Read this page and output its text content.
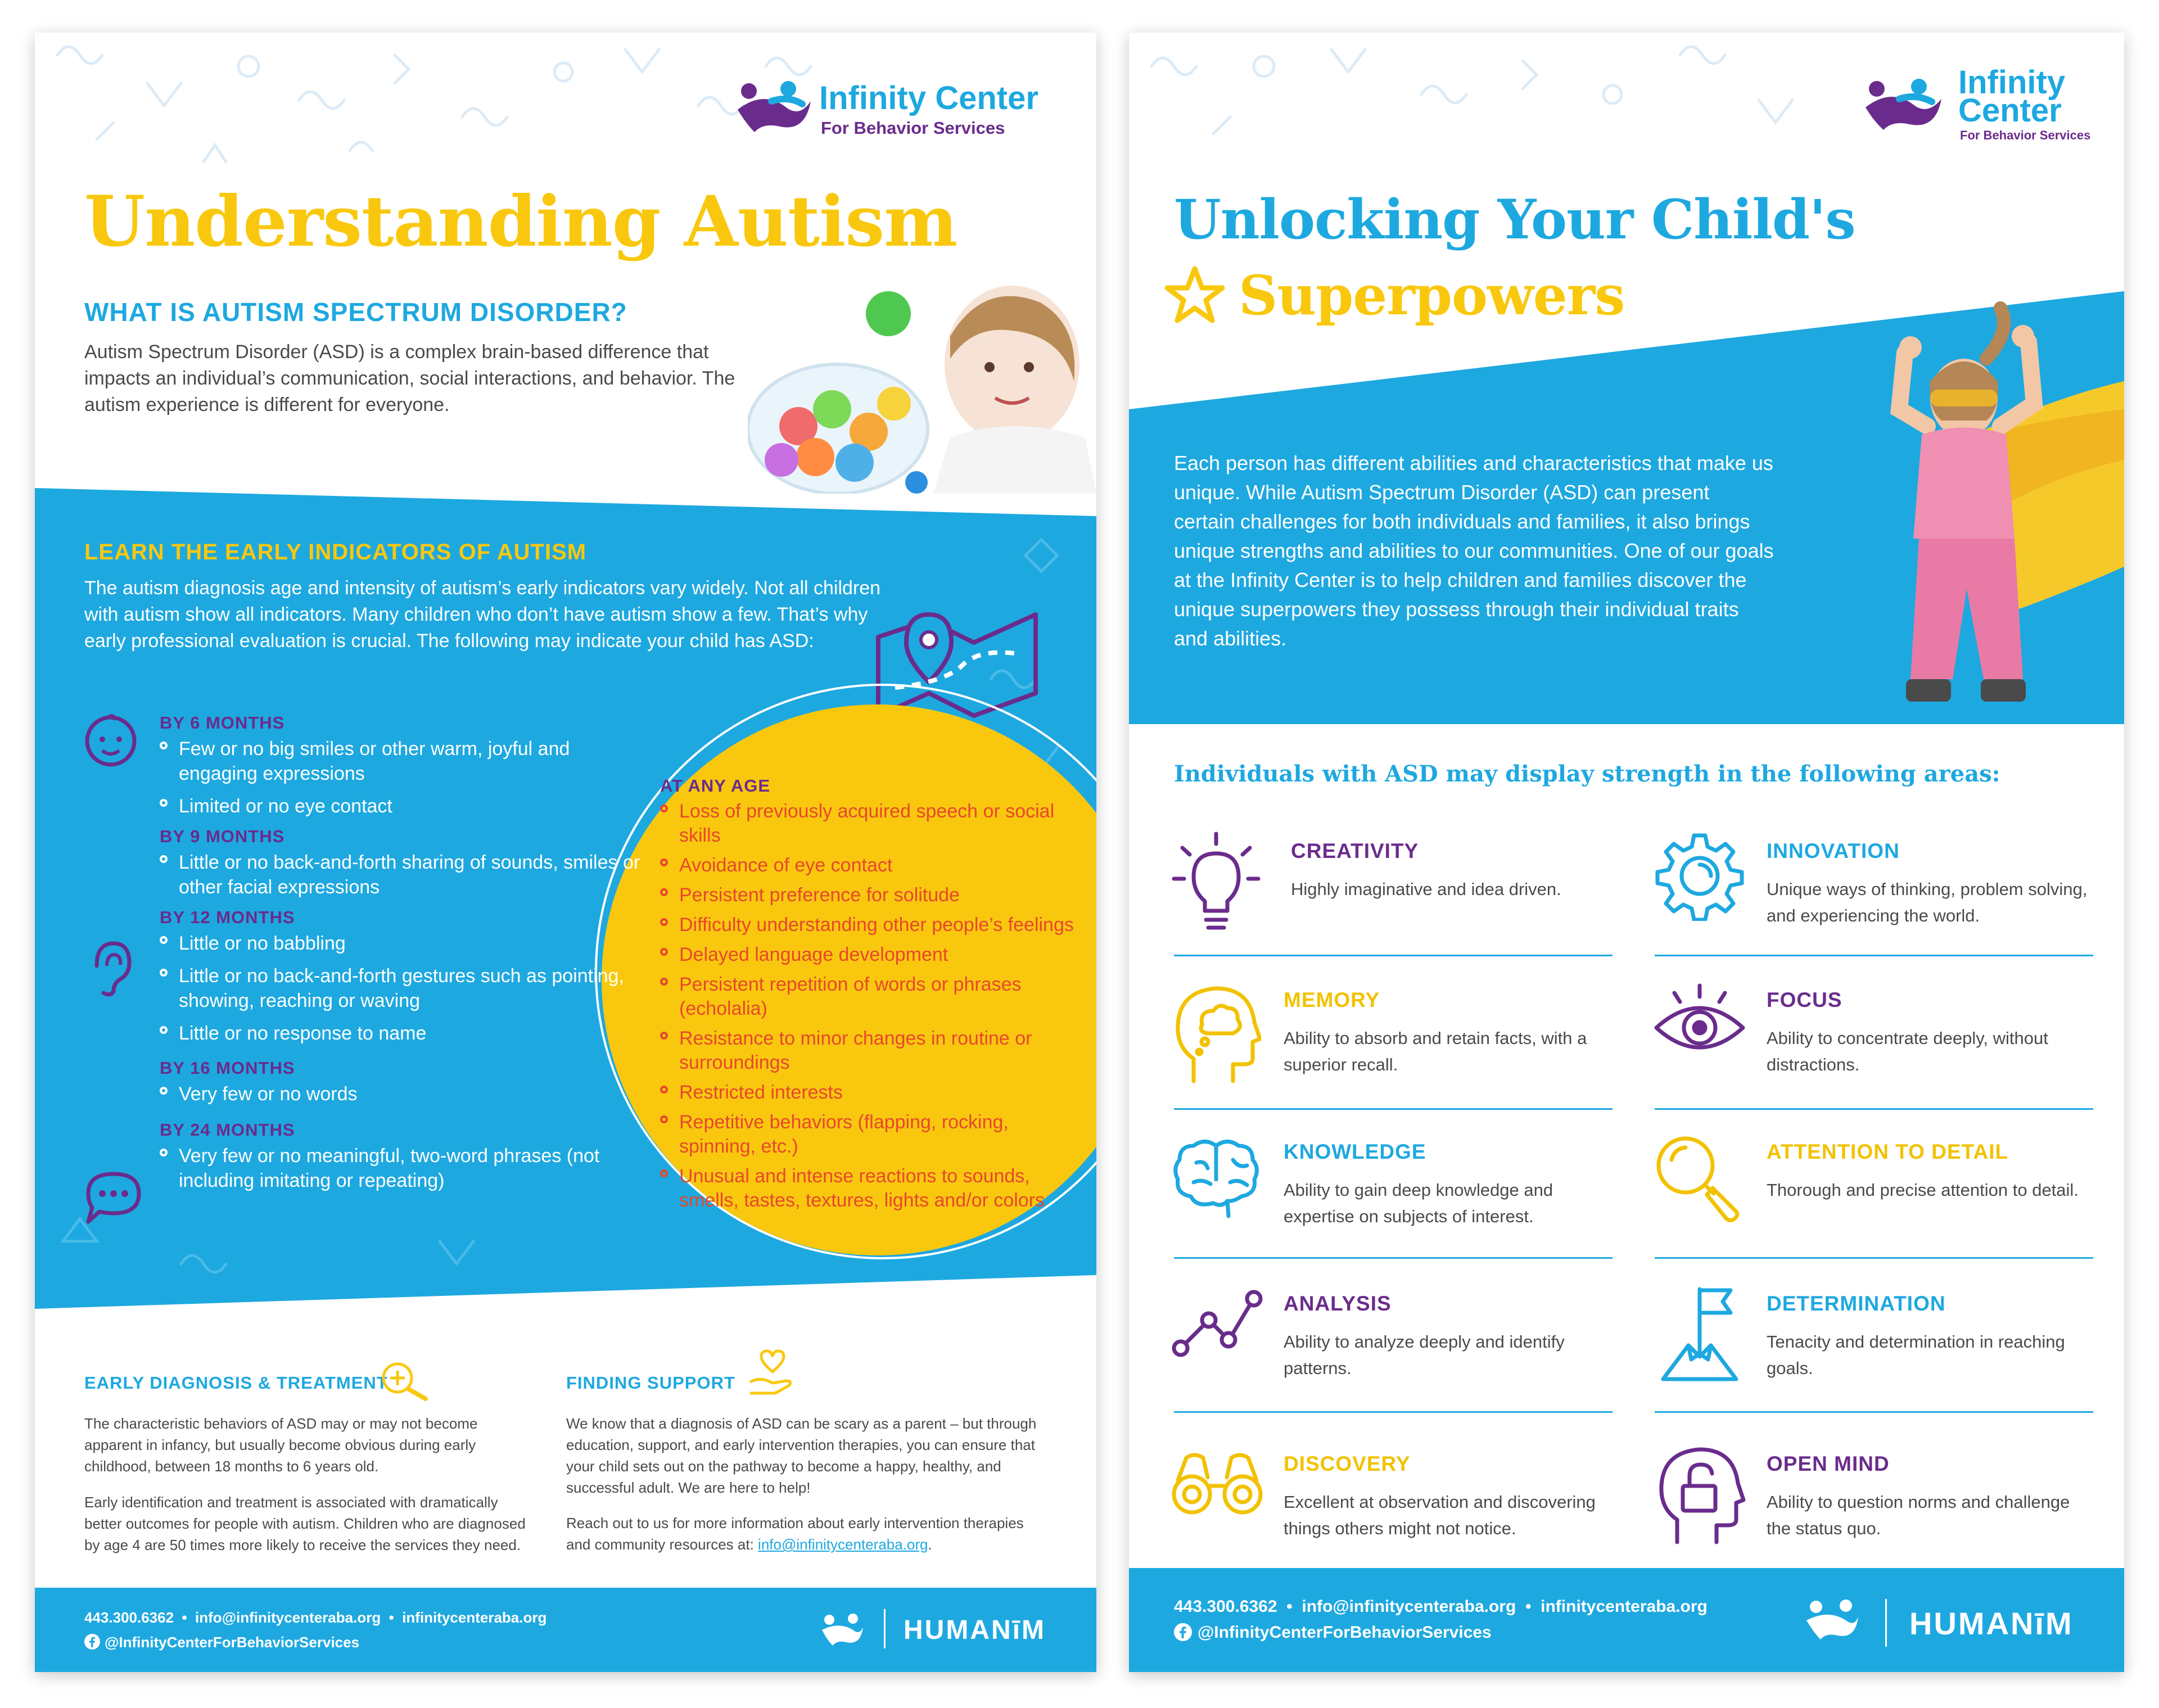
Infinity Center
For Behavior Services
Understanding Autism
WHAT IS AUTISM SPECTRUM DISORDER?
Autism Spectrum Disorder (ASD) is a complex brain-based difference that impacts an individual’s communication, social interactions, and behavior. The autism experience is different for everyone.
LEARN THE EARLY INDICATORS OF AUTISM
The autism diagnosis age and intensity of autism’s early indicators vary widely. Not all children with autism show all indicators. Many children who don’t have autism show a few. That’s why early professional evaluation is crucial. The following may indicate your child has ASD:
BY 6 MONTHS
Few or no big smiles or other warm, joyful and engaging expressions
Limited or no eye contact
BY 9 MONTHS
Little or no back-and-forth sharing of sounds, smiles or other facial expressions
BY 12 MONTHS
Little or no babbling
Little or no back-and-forth gestures such as pointing, showing, reaching or waving
Little or no response to name
BY 16 MONTHS
Very few or no words
BY 24 MONTHS
Very few or no meaningful, two-word phrases (not including imitating or repeating)
AT ANY AGE
Loss of previously acquired speech or social skills
Avoidance of eye contact
Persistent preference for solitude
Difficulty understanding other people’s feelings
Delayed language development
Persistent repetition of words or phrases (echolalia)
Resistance to minor changes in routine or surroundings
Restricted interests
Repetitive behaviors (flapping, rocking, spinning, etc.)
Unusual and intense reactions to sounds, smells, tastes, textures, lights and/or colors
EARLY DIAGNOSIS & TREATMENT
The characteristic behaviors of ASD may or may not become apparent in infancy, but usually become obvious during early childhood, between 18 months to 6 years old.
Early identification and treatment is associated with dramatically better outcomes for people with autism. Children who are diagnosed by age 4 are 50 times more likely to receive the services they need.
FINDING SUPPORT
We know that a diagnosis of ASD can be scary as a parent – but through education, support, and early intervention therapies, you can ensure that your child sets out on the pathway to become a happy, healthy, and successful adult. We are here to help!
Reach out to us for more information about early intervention therapies and community resources at: info@infinitycenteraba.org.
443.300.6362  •  info@infinitycenteraba.org  •  infinitycenteraba.org
@InfinityCenterForBehaviorServices	HUMANīM
Infinity
Center
For Behavior Services
Unlocking Your Child's
Superpowers
Each person has different abilities and characteristics that make us unique. While Autism Spectrum Disorder (ASD) can present certain challenges for both individuals and families, it also brings unique strengths and abilities to our communities. One of our goals at the Infinity Center is to help children and families discover the unique superpowers they possess through their individual traits and abilities.
Individuals with ASD may display strength in the following areas:
CREATIVITY
Highly imaginative and idea driven.
INNOVATION
Unique ways of thinking, problem solving, and experiencing the world.
MEMORY
Ability to absorb and retain facts, with a superior recall.
FOCUS
Ability to concentrate deeply, without distractions.
KNOWLEDGE
Ability to gain deep knowledge and expertise on subjects of interest.
ATTENTION TO DETAIL
Thorough and precise attention to detail.
ANALYSIS
Ability to analyze deeply and identify patterns.
DETERMINATION
Tenacity and determination in reaching goals.
DISCOVERY
Excellent at observation and discovering things others might not notice.
OPEN MIND
Ability to question norms and challenge the status quo.
443.300.6362  •  info@infinitycenteraba.org  •  infinitycenteraba.org
@InfinityCenterForBehaviorServices	HUMANīM
